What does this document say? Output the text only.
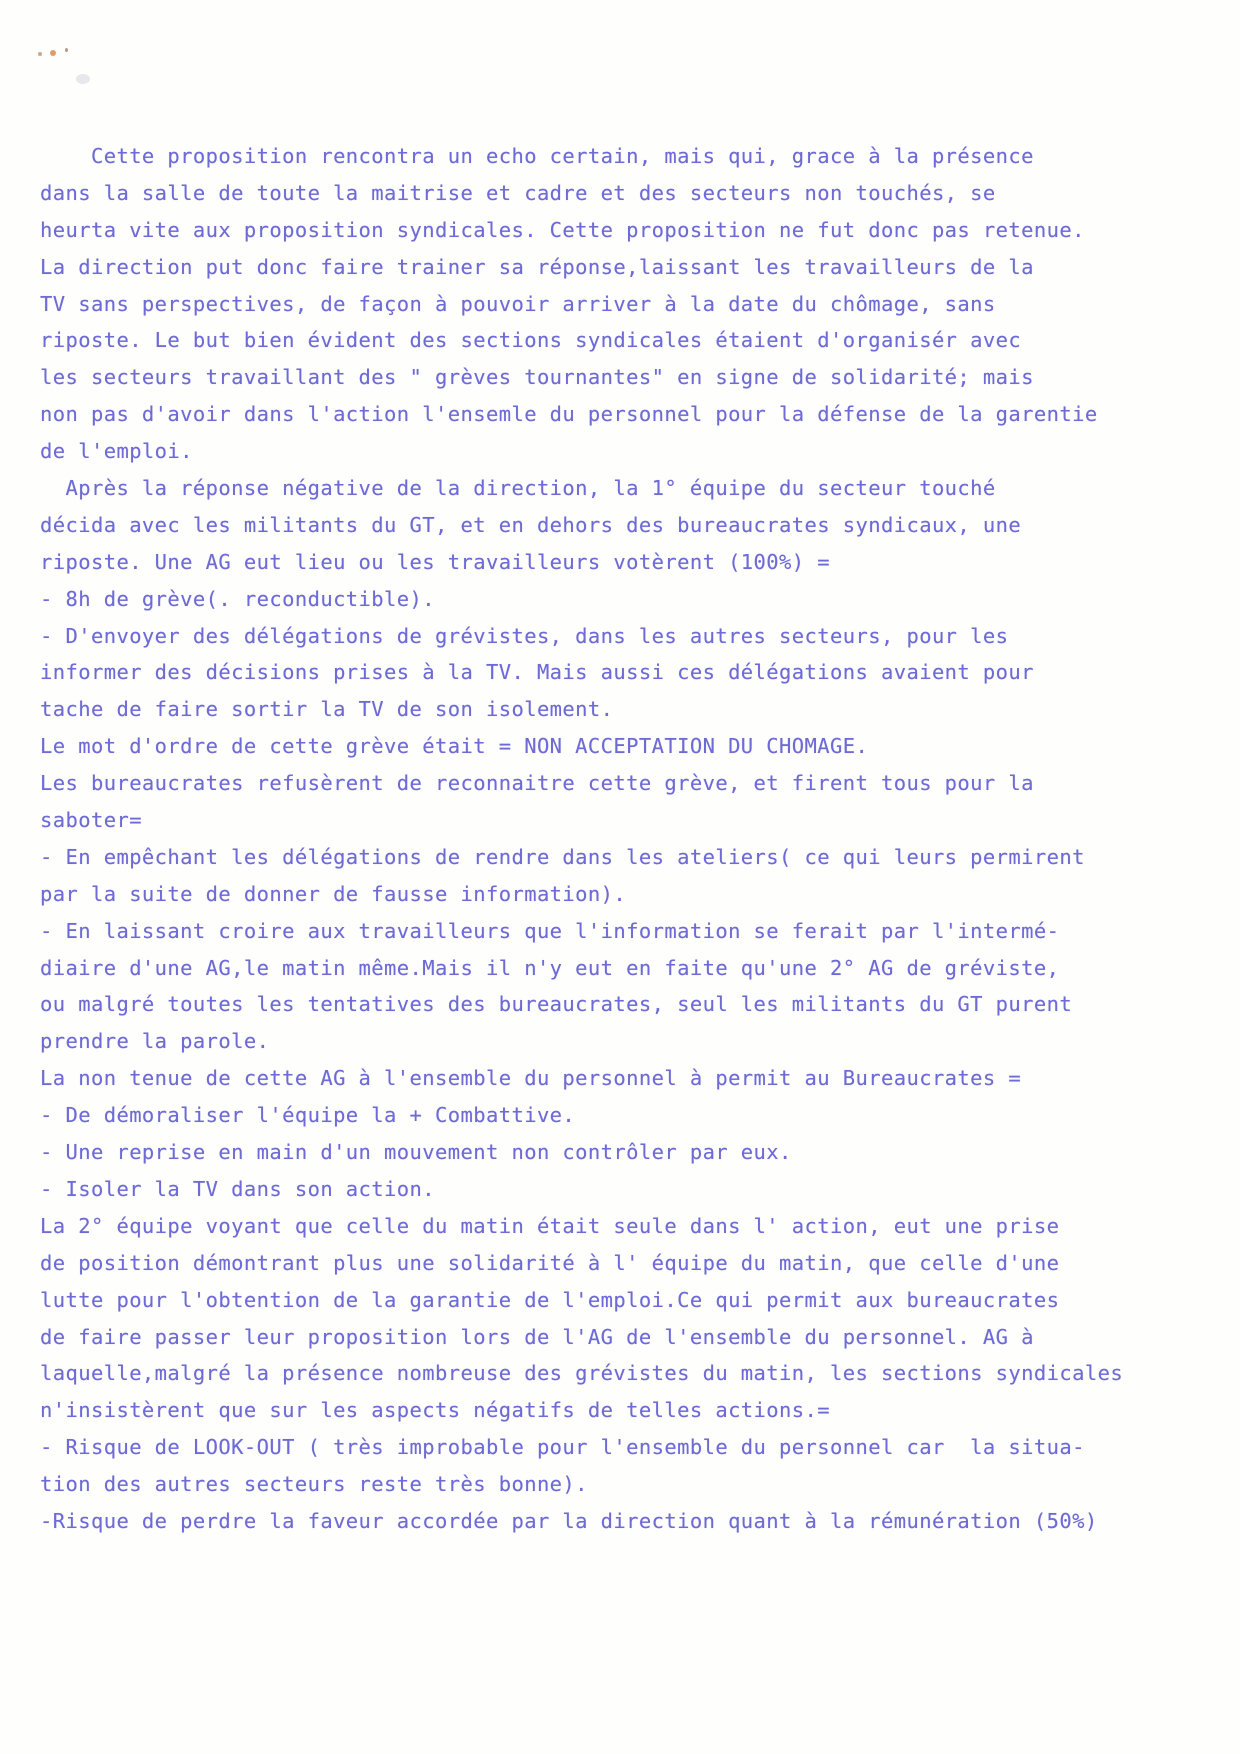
Cette proposition rencontra un echo certain, mais qui, grace à la présence
dans la salle de toute la maitrise et cadre et des secteurs non touchés, se
heurta vite aux proposition syndicales. Cette proposition ne fut donc pas retenue.
La direction put donc faire trainer sa réponse,laissant les travailleurs de la
TV sans perspectives, de façon à pouvoir arriver à la date du chômage, sans
riposte. Le but bien évident des sections syndicales étaient d'organisér avec
les secteurs travaillant des " grèves tournantes" en signe de solidarité; mais
non pas d'avoir dans l'action l'ensemle du personnel pour la défense de la garentie
de l'emploi.
Après la réponse négative de la direction, la 1° équipe du secteur touché
décida avec les militants du GT, et en dehors des bureaucrates syndicaux, une
riposte. Une AG eut lieu ou les travailleurs votèrent (100%) =
- 8h de grève(. reconductible).
- D'envoyer des délégations de grévistes, dans les autres secteurs, pour les
informer des décisions prises à la TV. Mais aussi ces délégations avaient pour
tache de faire sortir la TV de son isolement.
Le mot d'ordre de cette grève était = NON ACCEPTATION DU CHOMAGE.
Les bureaucrates refusèrent de reconnaitre cette grève, et firent tous pour la
saboter=
- En empêchant les délégations de rendre dans les ateliers( ce qui leurs permirent
par la suite de donner de fausse information).
- En laissant croire aux travailleurs que l'information se ferait par l'intermé-
diaire d'une AG,le matin même.Mais il n'y eut en faite qu'une 2° AG de gréviste,
ou malgré toutes les tentatives des bureaucrates, seul les militants du GT purent
prendre la parole.
La non tenue de cette AG à l'ensemble du personnel à permit au Bureaucrates =
- De démoraliser l'équipe la + Combattive.
- Une reprise en main d'un mouvement non contrôler par eux.
- Isoler la TV dans son action.
La 2° équipe voyant que celle du matin était seule dans l' action, eut une prise
de position démontrant plus une solidarité à l' équipe du matin, que celle d'une
lutte pour l'obtention de la garantie de l'emploi.Ce qui permit aux bureaucrates
de faire passer leur proposition lors de l'AG de l'ensemble du personnel. AG à
laquelle,malgré la présence nombreuse des grévistes du matin, les sections syndicales
n'insistèrent que sur les aspects négatifs de telles actions.=
- Risque de LOOK-OUT ( très improbable pour l'ensemble du personnel car  la situa-
tion des autres secteurs reste très bonne).
-Risque de perdre la faveur accordée par la direction quant à la rémunération (50%)
